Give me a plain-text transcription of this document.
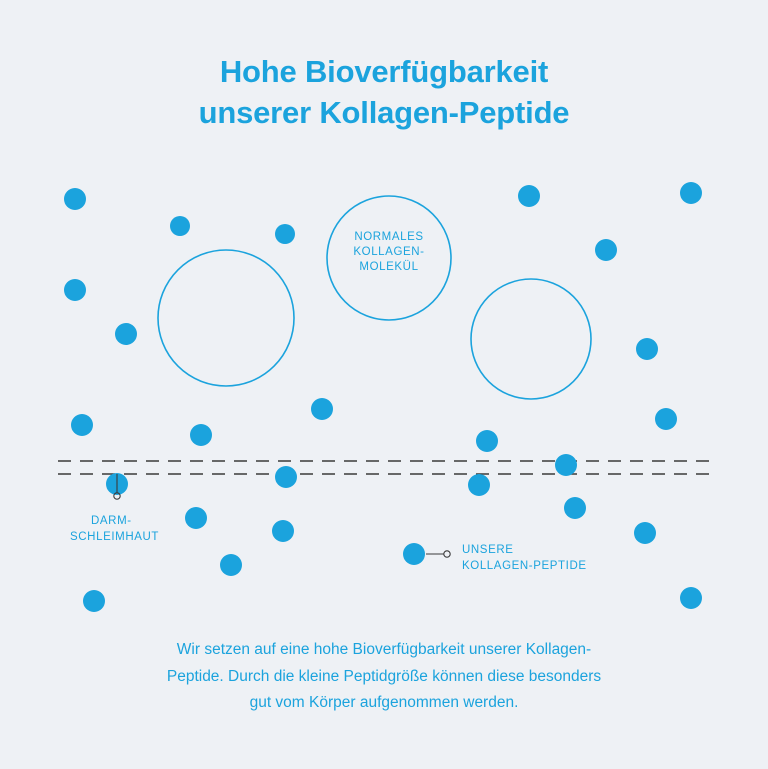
Hohe Bioverfügbarkeit
unserer Kollagen-Peptide
NORMALES
KOLLAGEN-
MOLEKÜL
DARM-
SCHLEIMHAUT
UNSERE
KOLLAGEN-PEPTIDE
Wir setzen auf eine hohe Bioverfügbarkeit unserer Kollagen-
Peptide. Durch die kleine Peptidgröße können diese besonders
gut vom Körper aufgenommen werden.
